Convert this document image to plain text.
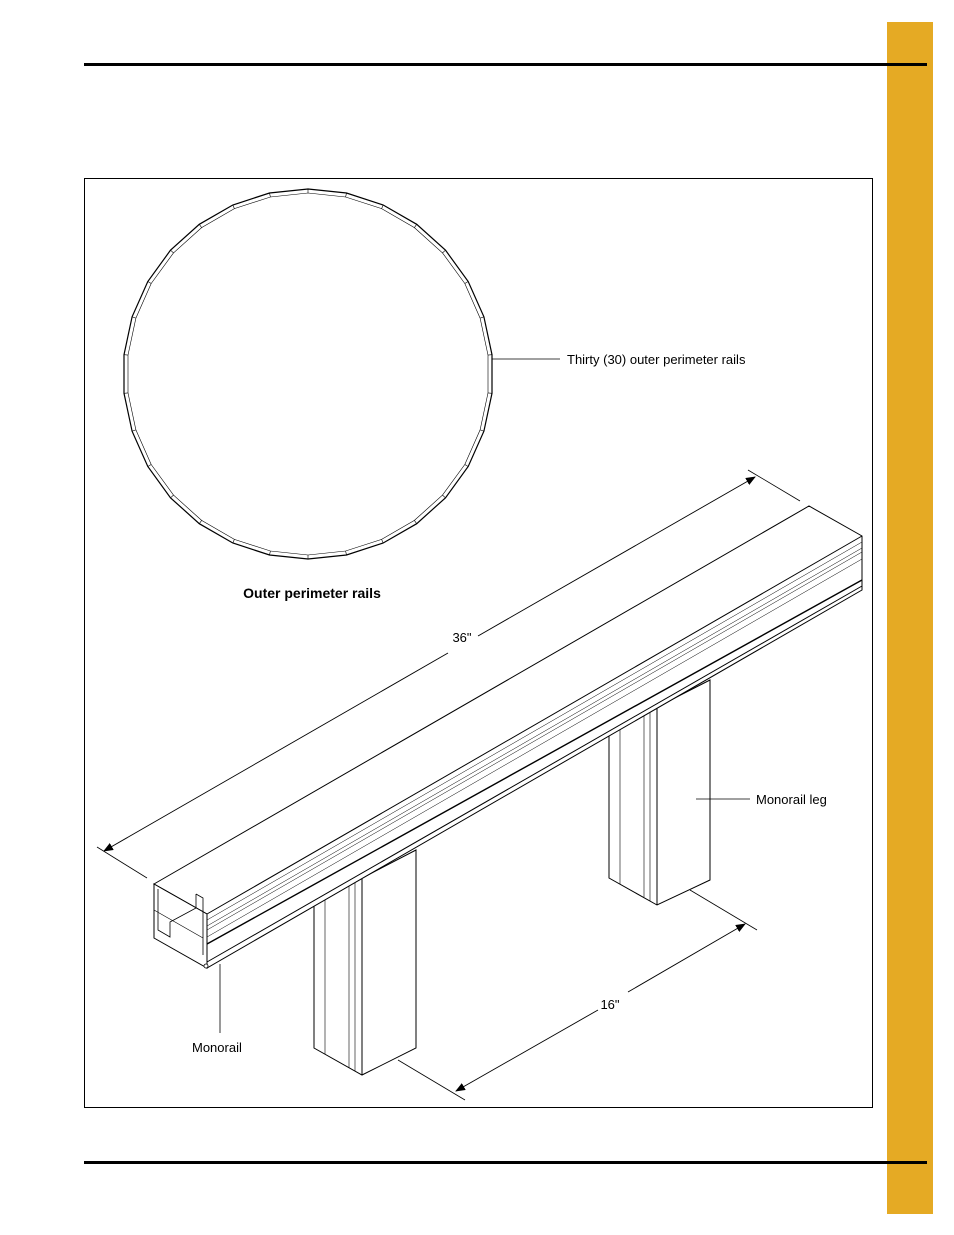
Thirty (30) outer perimeter rails
Outer perimeter rails
36"
16"
Monorail leg
Monorail
